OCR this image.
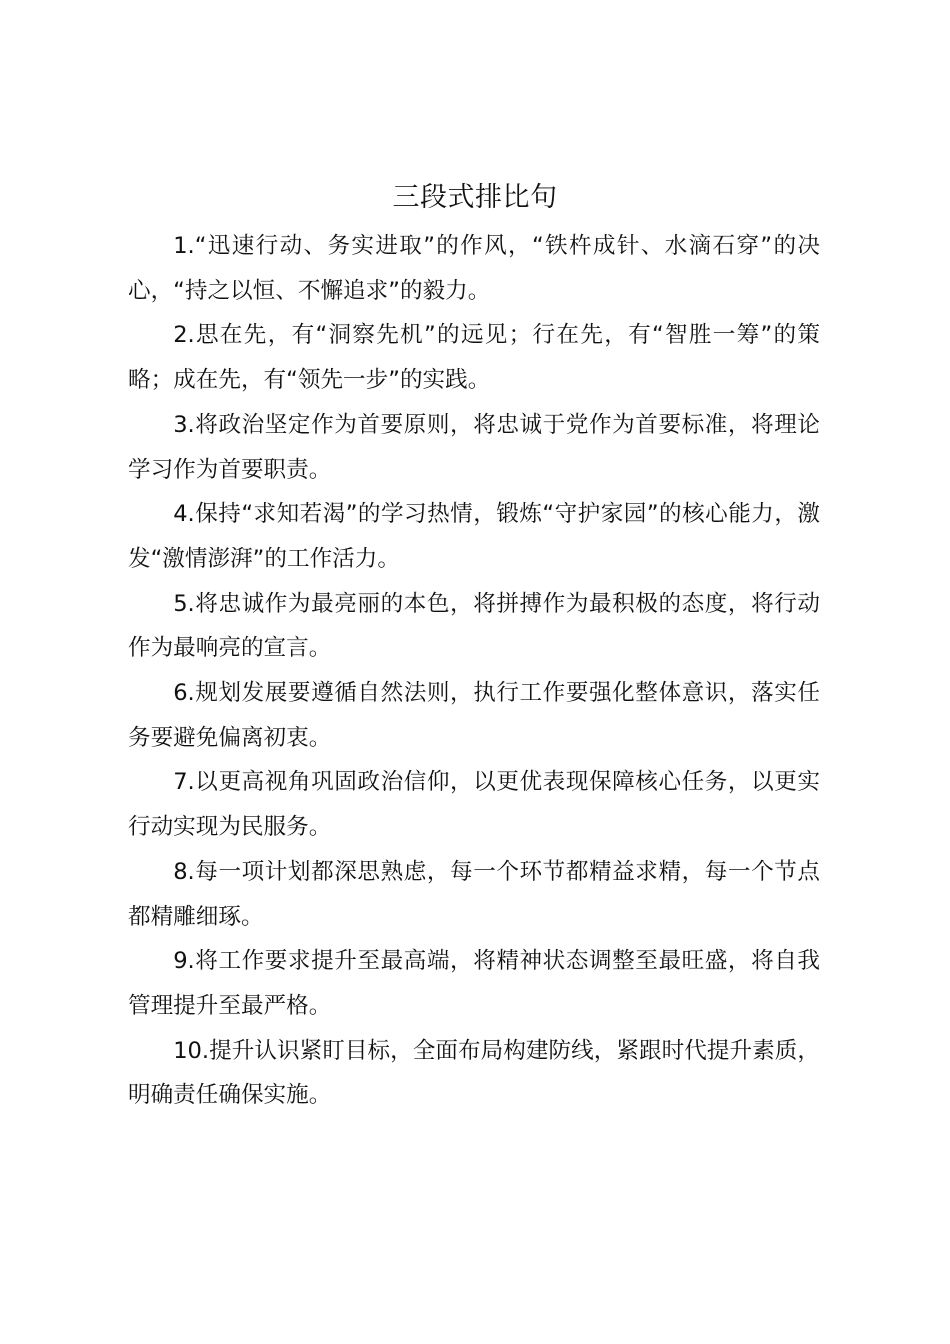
三段式排比句

1.“迅速行动、务实进取”的作风，“铁杵成针、水滴石穿”的决心，“持之以恒、不懈追求”的毅力。

2.思在先，有“洞察先机”的远见；行在先，有“智胜一筹”的策略；成在先，有“领先一步”的实践。

3.将政治坚定作为首要原则，将忠诚于党作为首要标准，将理论学习作为首要职责。

4.保持“求知若渴”的学习热情，锻炼“守护家园”的核心能力，激发“激情澎湃”的工作活力。

5.将忠诚作为最亮丽的本色，将拼搏作为最积极的态度，将行动作为最响亮的宣言。

6.规划发展要遵循自然法则，执行工作要强化整体意识，落实任务要避免偏离初衷。

7.以更高视角巩固政治信仰，以更优表现保障核心任务，以更实行动实现为民服务。

8.每一项计划都深思熟虑，每一个环节都精益求精，每一个节点都精雕细琢。

9.将工作要求提升至最高端，将精神状态调整至最旺盛，将自我管理提升至最严格。

10.提升认识紧盯目标，全面布局构建防线，紧跟时代提升素质，明确责任确保实施。
